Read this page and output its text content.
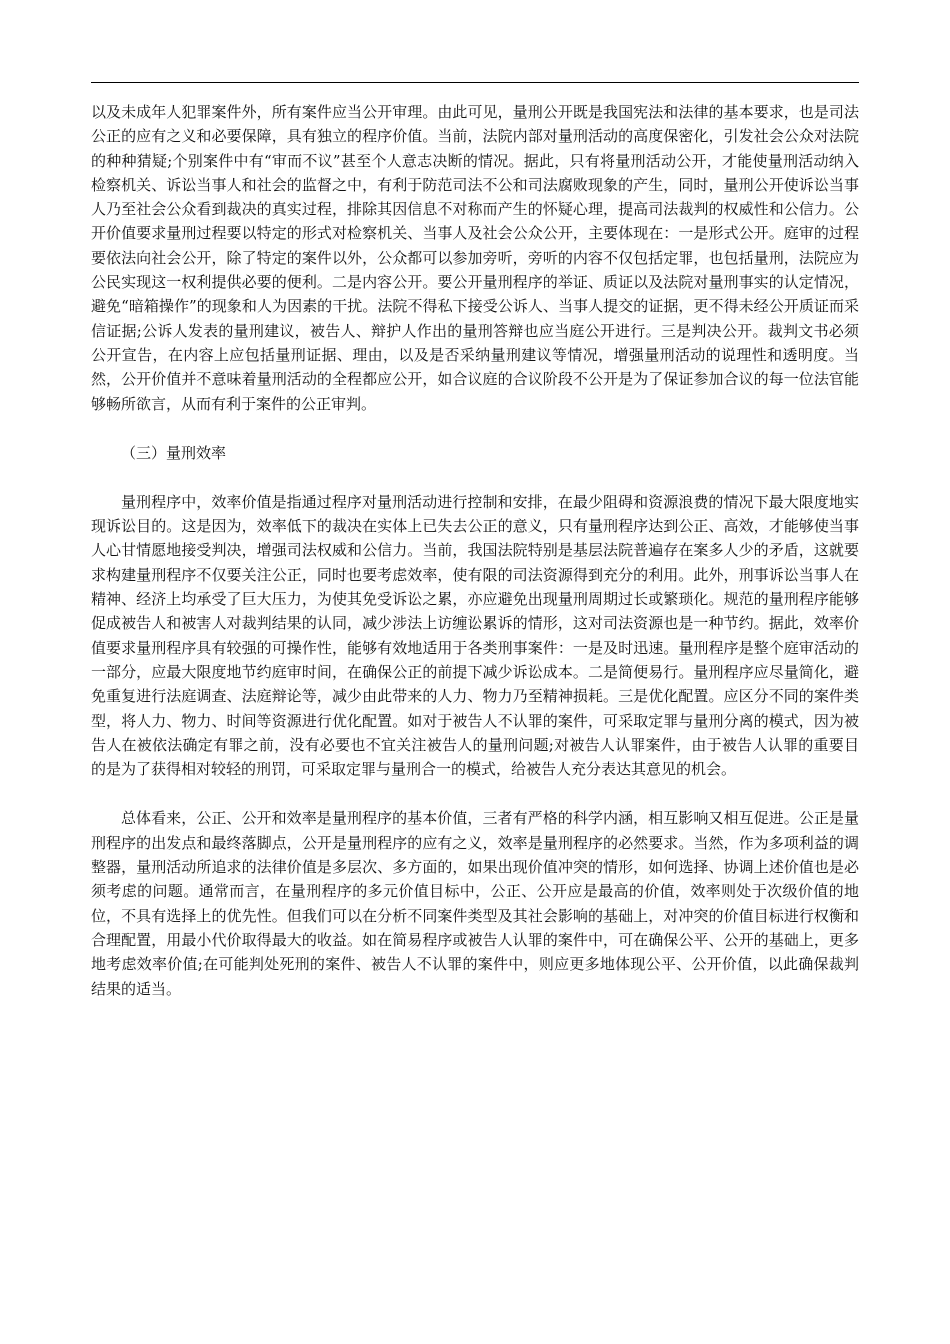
以及未成年人犯罪案件外，所有案件应当公开审理。由此可见，量刑公开既是我国宪法和法律的基本要求，也是司法公正的应有之义和必要保障，具有独立的程序价值。当前，法院内部对量刑活动的高度保密化，引发社会公众对法院的种种猜疑;个别案件中有“审而不议”甚至个人意志决断的情况。据此，只有将量刑活动公开，才能使量刑活动纳入检察机关、诉讼当事人和社会的监督之中，有利于防范司法不公和司法腐败现象的产生，同时，量刑公开使诉讼当事人乃至社会公众看到裁决的真实过程，排除其因信息不对称而产生的怀疑心理，提高司法裁判的权威性和公信力。公开价值要求量刑过程要以特定的形式对检察机关、当事人及社会公众公开，主要体现在：一是形式公开。庭审的过程要依法向社会公开，除了特定的案件以外，公众都可以参加旁听，旁听的内容不仅包括定罪，也包括量刑，法院应为公民实现这一权利提供必要的便利。二是内容公开。要公开量刑程序的举证、质证以及法院对量刑事实的认定情况，避免“暗箱操作”的现象和人为因素的干扰。法院不得私下接受公诉人、当事人提交的证据，更不得未经公开质证而采信证据;公诉人发表的量刑建议，被告人、辩护人作出的量刑答辩也应当庭公开进行。三是判决公开。裁判文书必须公开宣告，在内容上应包括量刑证据、理由，以及是否采纳量刑建议等情况，增强量刑活动的说理性和透明度。当然，公开价值并不意味着量刑活动的全程都应公开，如合议庭的合议阶段不公开是为了保证参加合议的每一位法官能够畅所欲言，从而有利于案件的公正审判。

（三）量刑效率

量刑程序中，效率价值是指通过程序对量刑活动进行控制和安排，在最少阻碍和资源浪费的情况下最大限度地实现诉讼目的。这是因为，效率低下的裁决在实体上已失去公正的意义，只有量刑程序达到公正、高效，才能够使当事人心甘情愿地接受判决，增强司法权威和公信力。当前，我国法院特别是基层法院普遍存在案多人少的矛盾，这就要求构建量刑程序不仅要关注公正，同时也要考虑效率，使有限的司法资源得到充分的利用。此外，刑事诉讼当事人在精神、经济上均承受了巨大压力，为使其免受诉讼之累，亦应避免出现量刑周期过长或繁琐化。规范的量刑程序能够促成被告人和被害人对裁判结果的认同，减少涉法上访缠讼累诉的情形，这对司法资源也是一种节约。据此，效率价值要求量刑程序具有较强的可操作性，能够有效地适用于各类刑事案件：一是及时迅速。量刑程序是整个庭审活动的一部分，应最大限度地节约庭审时间，在确保公正的前提下减少诉讼成本。二是简便易行。量刑程序应尽量简化，避免重复进行法庭调查、法庭辩论等，减少由此带来的人力、物力乃至精神损耗。三是优化配置。应区分不同的案件类型，将人力、物力、时间等资源进行优化配置。如对于被告人不认罪的案件，可采取定罪与量刑分离的模式，因为被告人在被依法确定有罪之前，没有必要也不宜关注被告人的量刑问题;对被告人认罪案件，由于被告人认罪的重要目的是为了获得相对较轻的刑罚，可采取定罪与量刑合一的模式，给被告人充分表达其意见的机会。

总体看来，公正、公开和效率是量刑程序的基本价值，三者有严格的科学内涵，相互影响又相互促进。公正是量刑程序的出发点和最终落脚点，公开是量刑程序的应有之义，效率是量刑程序的必然要求。当然，作为多项利益的调整器，量刑活动所追求的法律价值是多层次、多方面的，如果出现价值冲突的情形，如何选择、协调上述价值也是必须考虑的问题。通常而言，在量刑程序的多元价值目标中，公正、公开应是最高的价值，效率则处于次级价值的地位，不具有选择上的优先性。但我们可以在分析不同案件类型及其社会影响的基础上，对冲突的价值目标进行权衡和合理配置，用最小代价取得最大的收益。如在简易程序或被告人认罪的案件中，可在确保公平、公开的基础上，更多地考虑效率价值;在可能判处死刑的案件、被告人不认罪的案件中，则应更多地体现公平、公开价值，以此确保裁判结果的适当。
